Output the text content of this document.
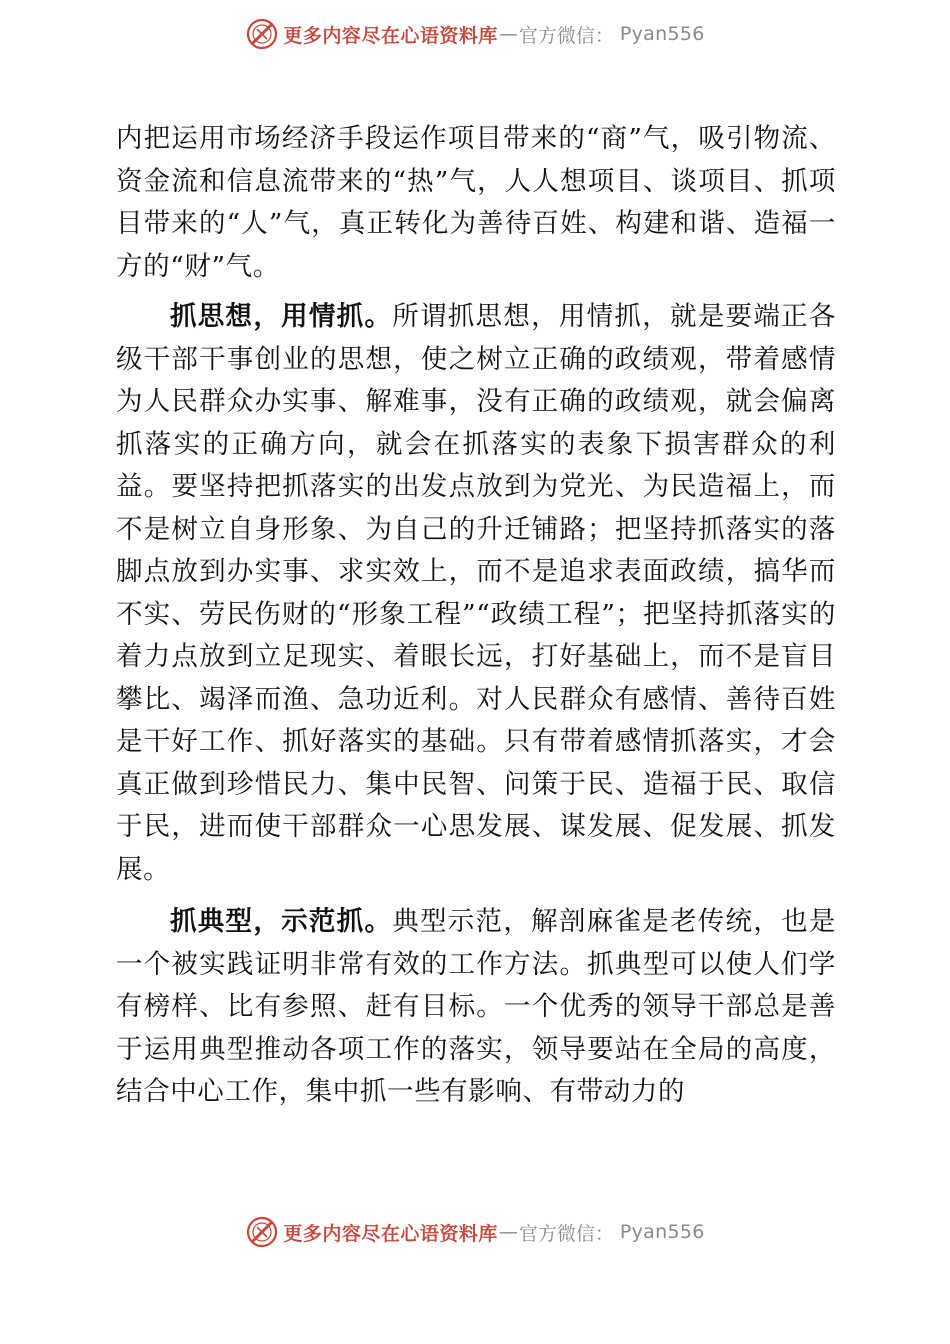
更多内容尽在心语资料库 — 官方微信： Pyan556

内把运用市场经济手段运作项目带来的“商”气，吸引物流、资金流和信息流带来的“热”气，人人想项目、谈项目、抓项目带来的“人”气，真正转化为善待百姓、构建和谐、造福一方的“财”气。

抓思想，用情抓。所谓抓思想，用情抓，就是要端正各级干部干事创业的思想，使之树立正确的政绩观，带着感情为人民群众办实事、解难事，没有正确的政绩观，就会偏离抓落实的正确方向，就会在抓落实的表象下损害群众的利益。要坚持把抓落实的出发点放到为党光、为民造福上，而不是树立自身形象、为自己的升迁铺路；把坚持抓落实的落脚点放到办实事、求实效上，而不是追求表面政绩，搞华而不实、劳民伤财的“形象工程”“政绩工程”；把坚持抓落实的着力点放到立足现实、着眼长远，打好基础上，而不是盲目攀比、竭泽而渔、急功近利。对人民群众有感情、善待百姓是干好工作、抓好落实的基础。只有带着感情抓落实，才会真正做到珍惜民力、集中民智、问策于民、造福于民、取信于民，进而使干部群众一心思发展、谋发展、促发展、抓发展。

抓典型，示范抓。典型示范，解剖麻雀是老传统，也是一个被实践证明非常有效的工作方法。抓典型可以使人们学有榜样、比有参照、赶有目标。一个优秀的领导干部总是善于运用典型推动各项工作的落实，领导要站在全局的高度，结合中心工作，集中抓一些有影响、有带动力的

更多内容尽在心语资料库 — 官方微信： Pyan556
